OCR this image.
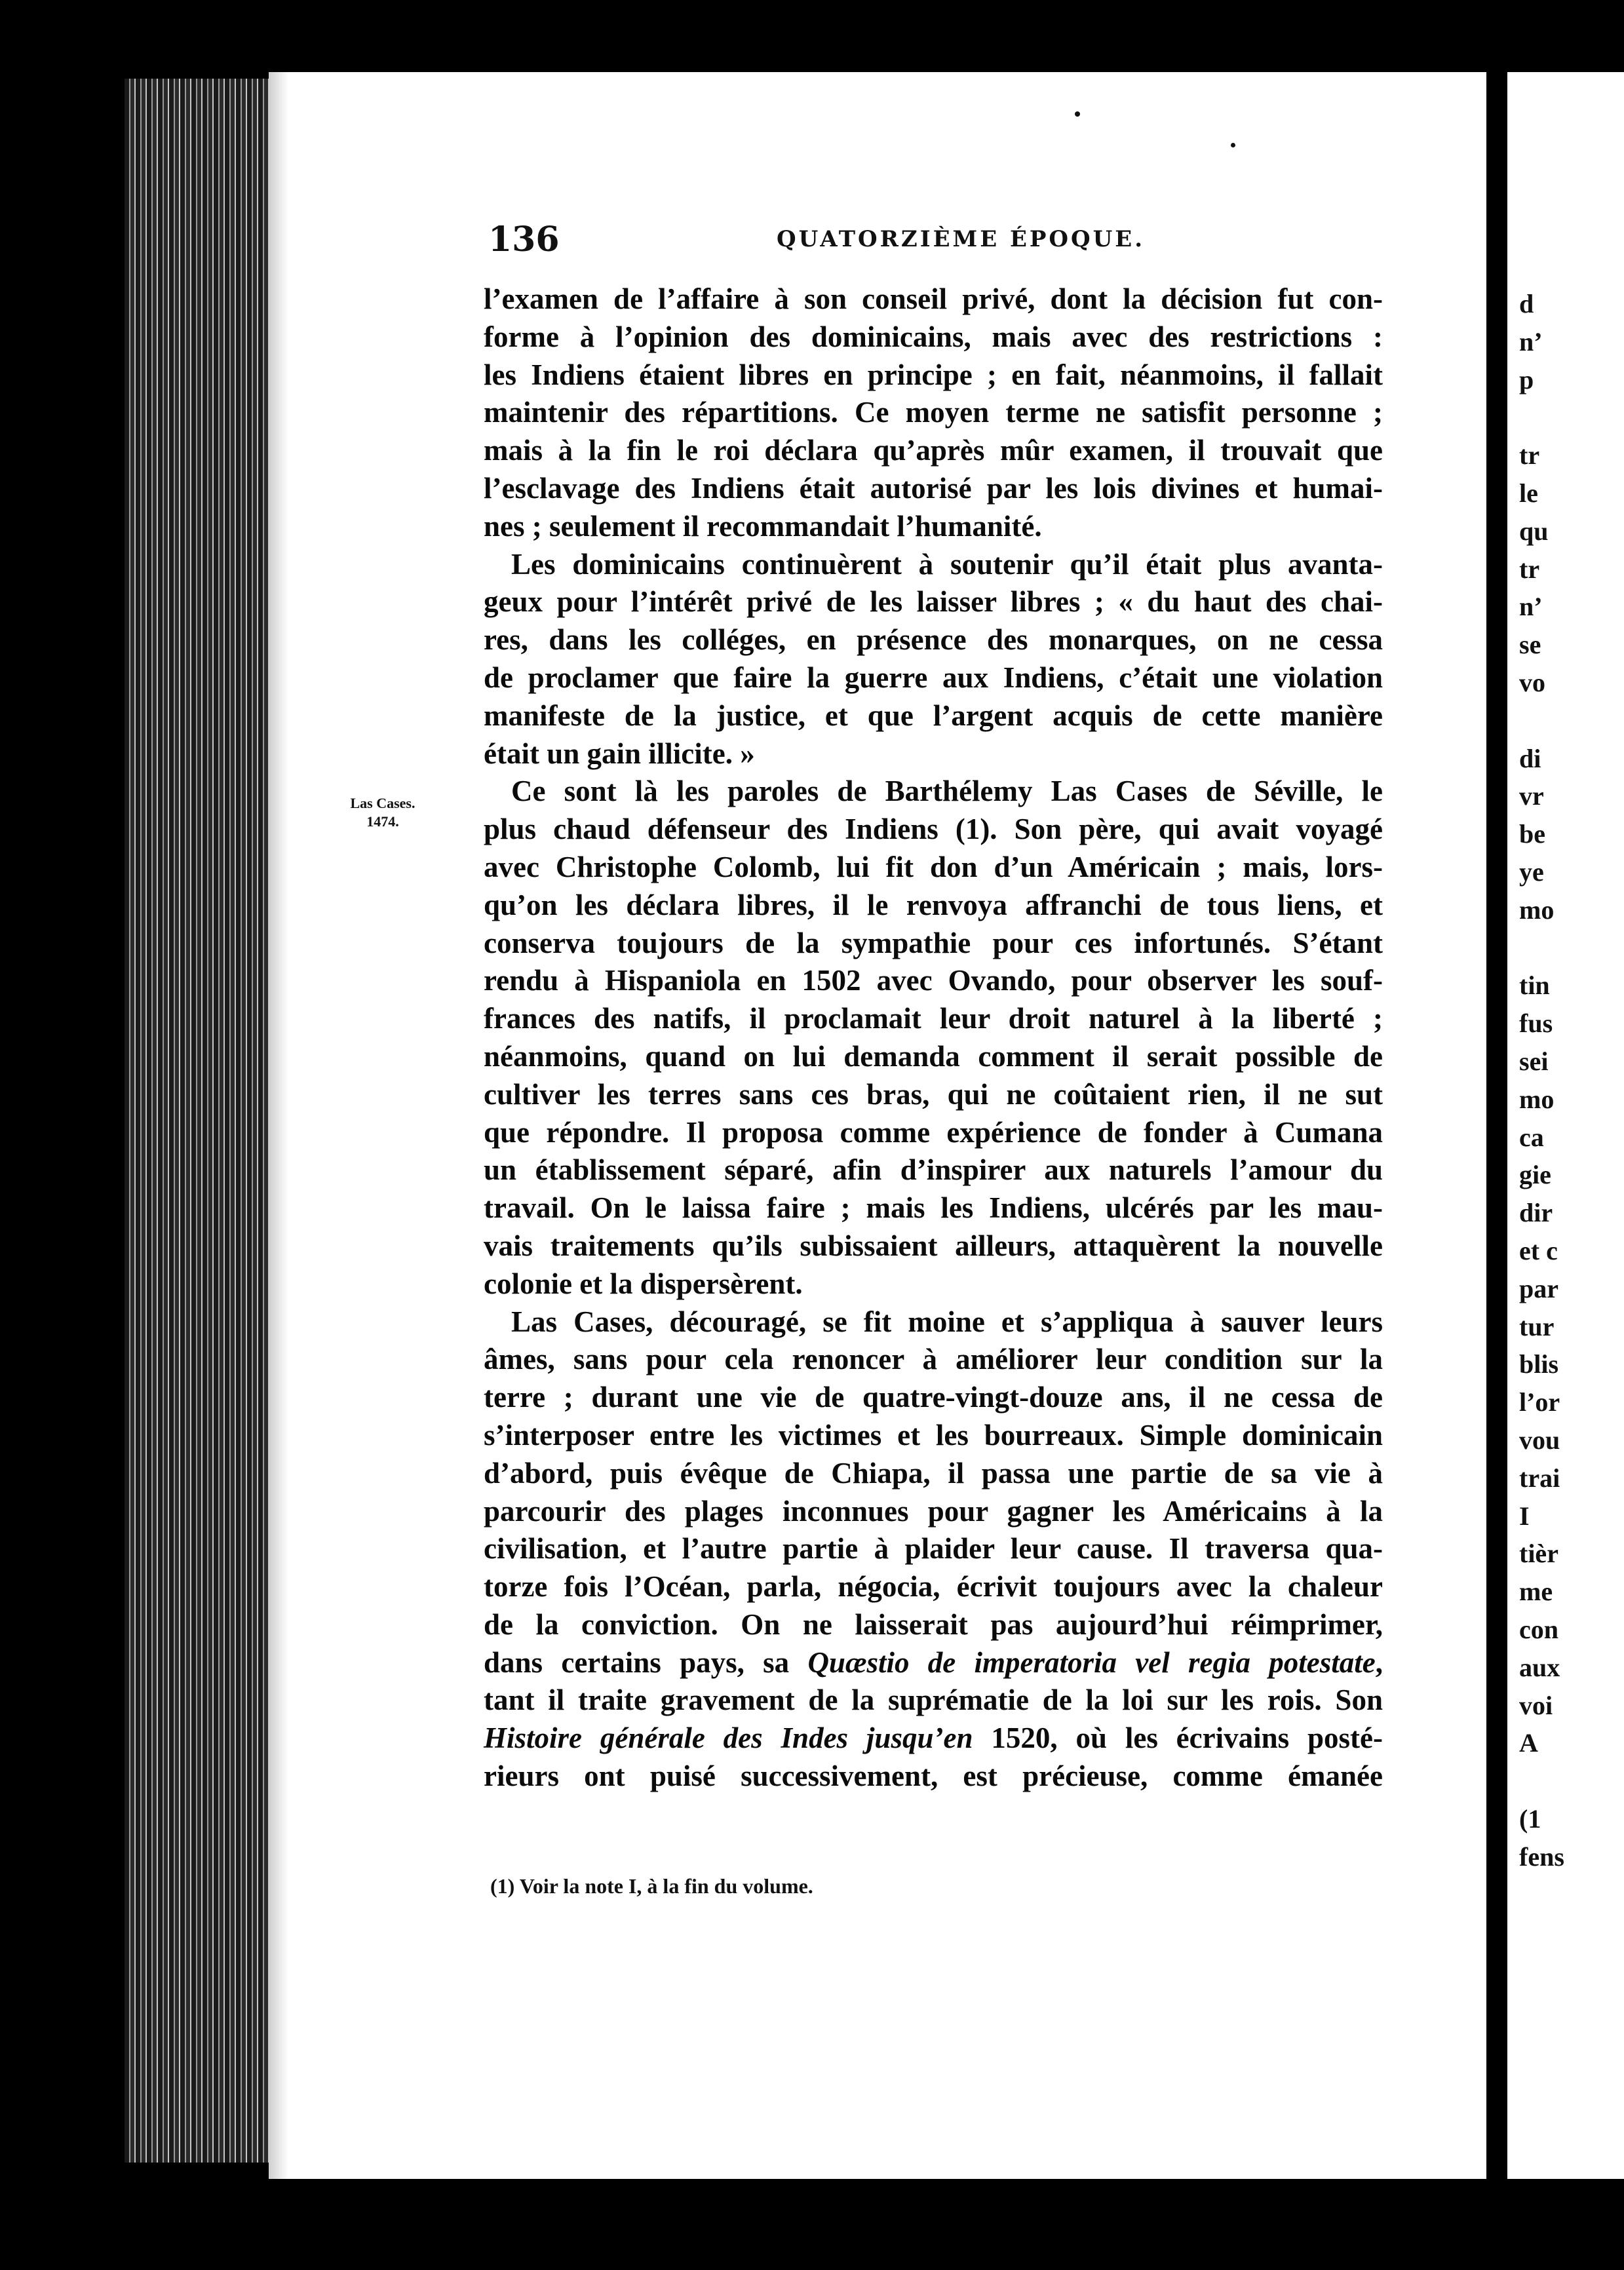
136	QUATORZIÈME ÉPOQUE.
Las Cases.
1474.
l’examen de l’affaire à son conseil privé, dont la décision fut con-
forme à l’opinion des dominicains, mais avec des restrictions :
les Indiens étaient libres en principe ; en fait, néanmoins, il fallait
maintenir des répartitions. Ce moyen terme ne satisfit personne ;
mais à la fin le roi déclara qu’après mûr examen, il trouvait que
l’esclavage des Indiens était autorisé par les lois divines et humai-
nes ; seulement il recommandait l’humanité.
Les dominicains continuèrent à soutenir qu’il était plus avanta-
geux pour l’intérêt privé de les laisser libres ; « du haut des chai-
res, dans les colléges, en présence des monarques, on ne cessa
de proclamer que faire la guerre aux Indiens, c’était une violation
manifeste de la justice, et que l’argent acquis de cette manière
était un gain illicite. »
Ce sont là les paroles de Barthélemy Las Cases de Séville, le
plus chaud défenseur des Indiens (1). Son père, qui avait voyagé
avec Christophe Colomb, lui fit don d’un Américain ; mais, lors-
qu’on les déclara libres, il le renvoya affranchi de tous liens, et
conserva toujours de la sympathie pour ces infortunés. S’étant
rendu à Hispaniola en 1502 avec Ovando, pour observer les souf-
frances des natifs, il proclamait leur droit naturel à la liberté ;
néanmoins, quand on lui demanda comment il serait possible de
cultiver les terres sans ces bras, qui ne coûtaient rien, il ne sut
que répondre. Il proposa comme expérience de fonder à Cumana
un établissement séparé, afin d’inspirer aux naturels l’amour du
travail. On le laissa faire ; mais les Indiens, ulcérés par les mau-
vais traitements qu’ils subissaient ailleurs, attaquèrent la nouvelle
colonie et la dispersèrent.
Las Cases, découragé, se fit moine et s’appliqua à sauver leurs
âmes, sans pour cela renoncer à améliorer leur condition sur la
terre ; durant une vie de quatre-vingt-douze ans, il ne cessa de
s’interposer entre les victimes et les bourreaux. Simple dominicain
d’abord, puis évêque de Chiapa, il passa une partie de sa vie à
parcourir des plages inconnues pour gagner les Américains à la
civilisation, et l’autre partie à plaider leur cause. Il traversa qua-
torze fois l’Océan, parla, négocia, écrivit toujours avec la chaleur
de la conviction. On ne laisserait pas aujourd’hui réimprimer,
dans certains pays, sa Quæstio de imperatoria vel regia potestate,
tant il traite gravement de la suprématie de la loi sur les rois. Son
Histoire générale des Indes jusqu’en 1520, où les écrivains posté-
rieurs ont puisé successivement, est précieuse, comme émanée
(1) Voir la note I, à la fin du volume.
d
n’
p
tr
le
qu
tr
n’
se
vo
di
vr
be
ye
mo
tin
fus
sei
mo
ca
gie
dir
et c
par
tur
blis
l’or
vou
trai
I
tièr
me
con
aux
voi
A
(1
fens
